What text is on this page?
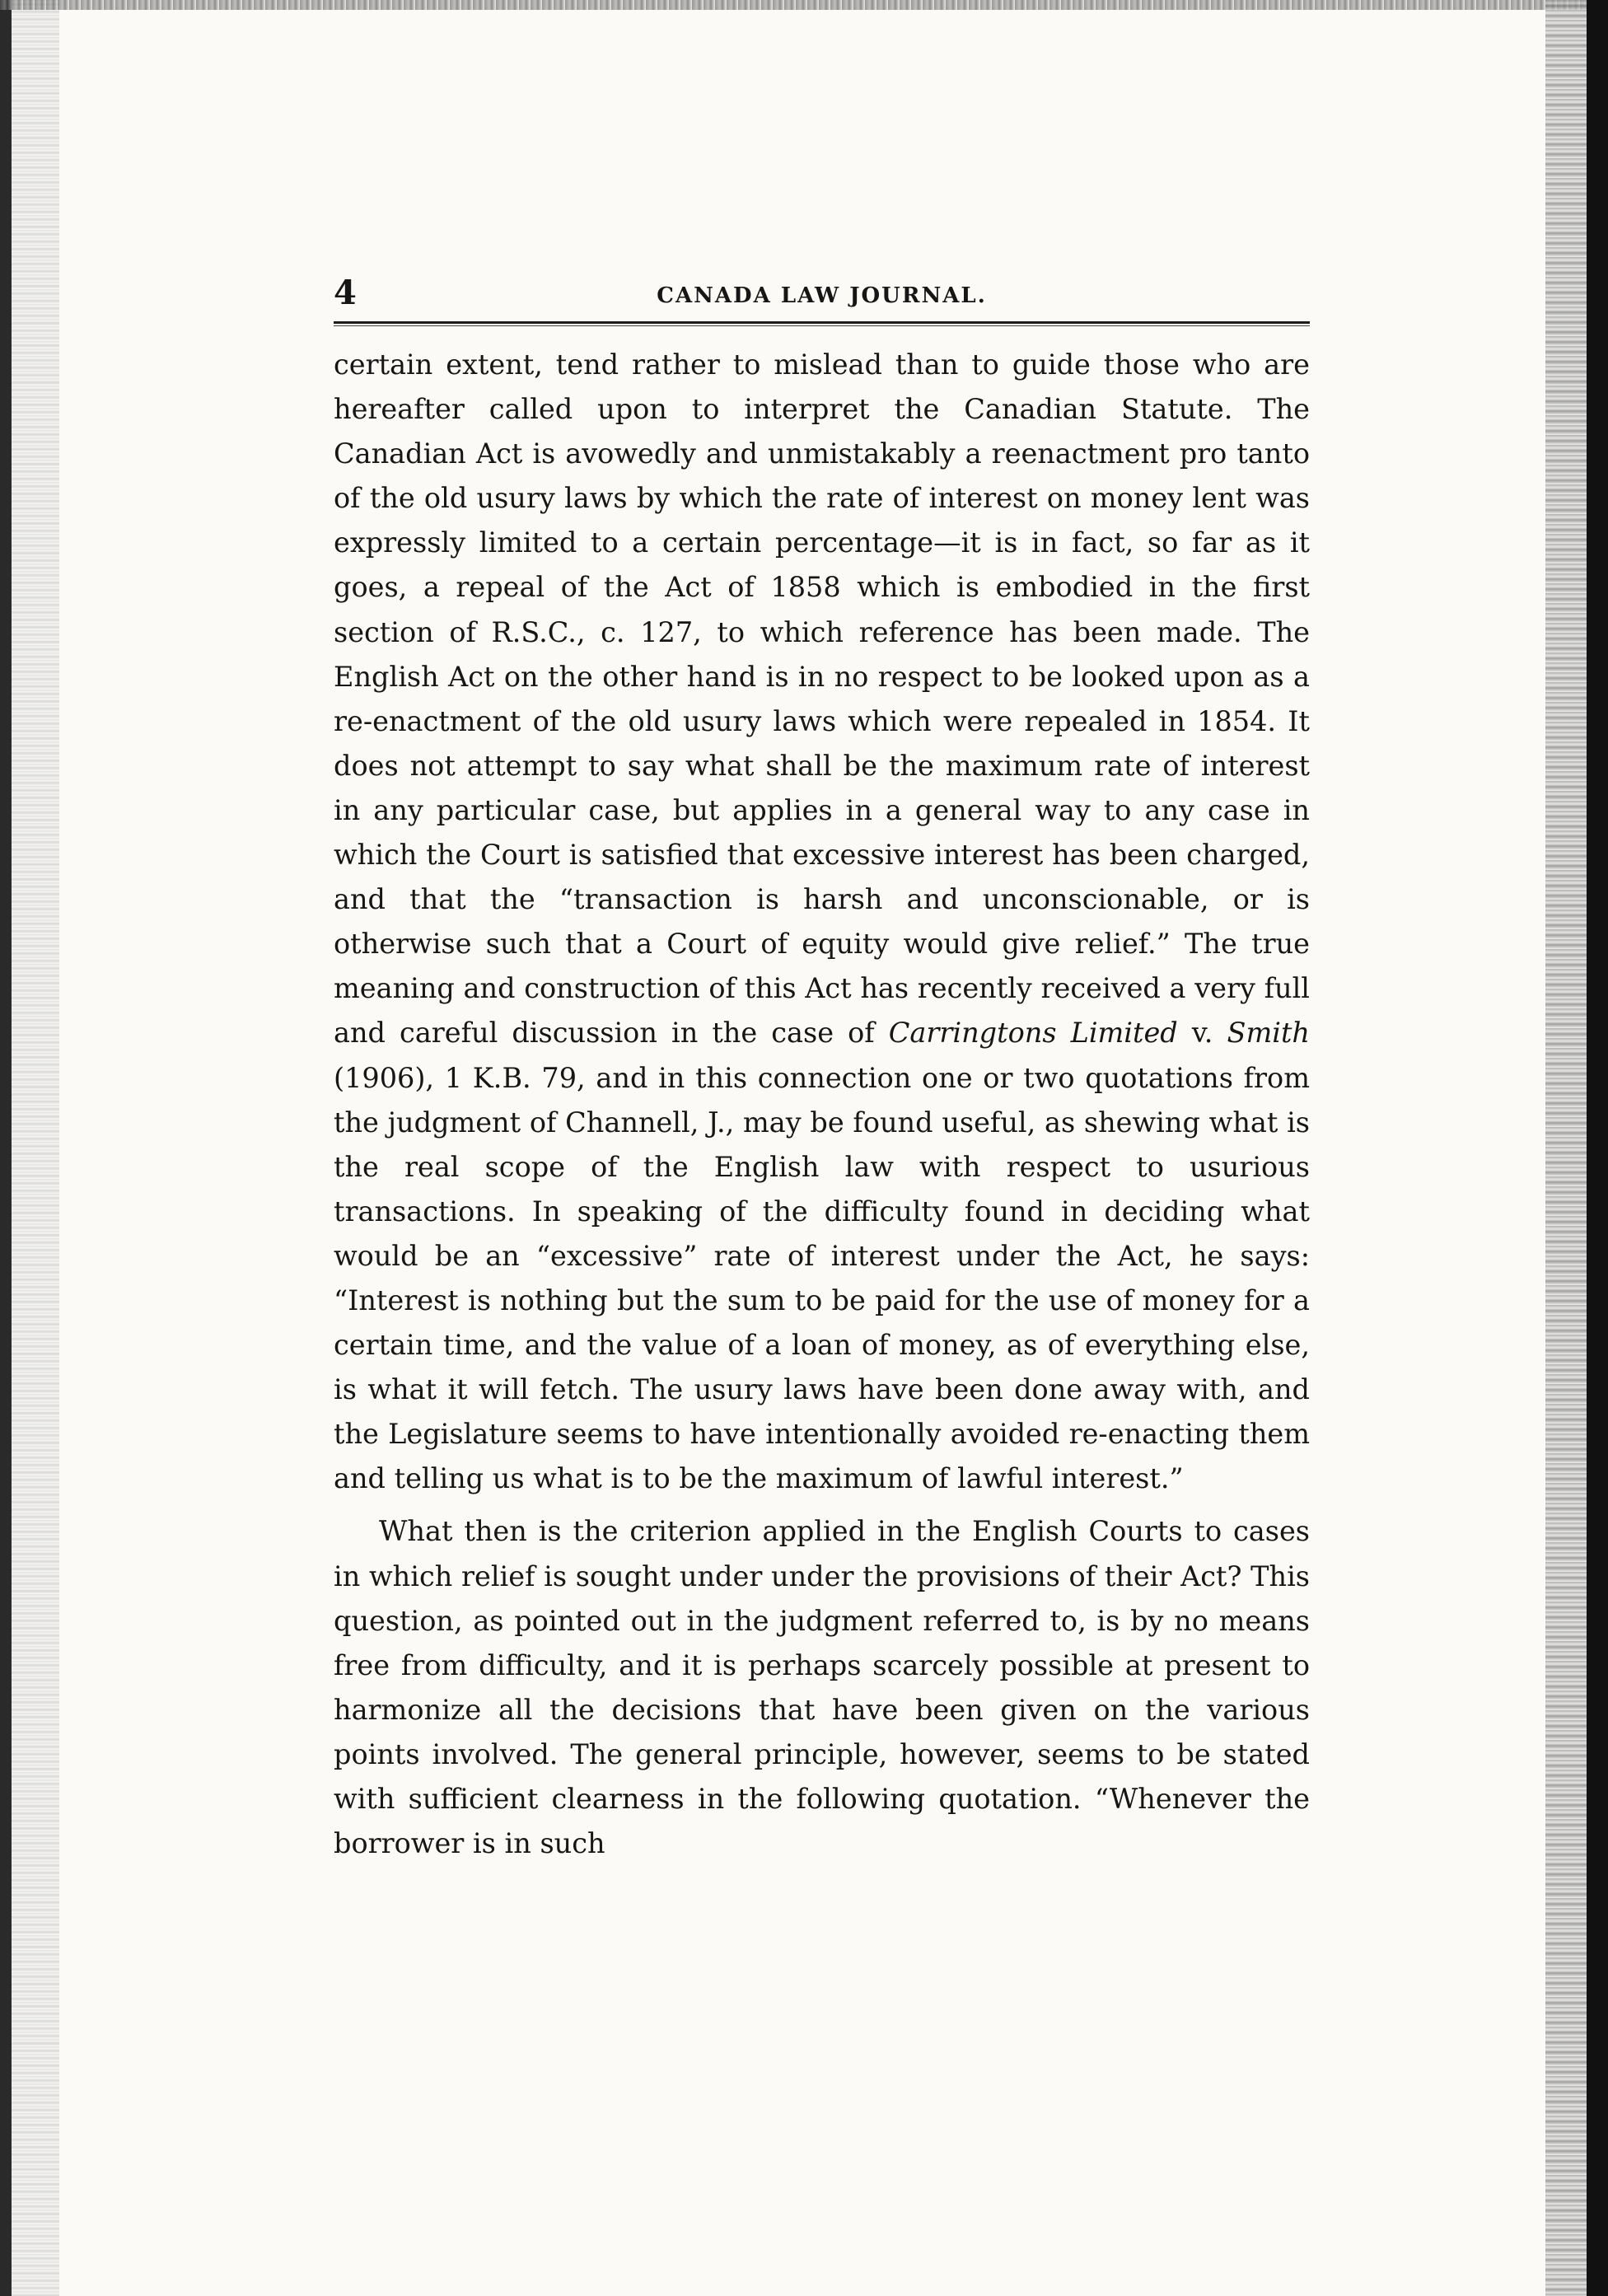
4	CANADA LAW JOURNAL.

certain extent, tend rather to mislead than to guide those who are hereafter called upon to interpret the Canadian Statute. The Canadian Act is avowedly and unmistakably a reenactment pro tanto of the old usury laws by which the rate of interest on money lent was expressly limited to a certain percentage—it is in fact, so far as it goes, a repeal of the Act of 1858 which is embodied in the first section of R.S.C., c. 127, to which reference has been made. The English Act on the other hand is in no respect to be looked upon as a re-enactment of the old usury laws which were repealed in 1854. It does not attempt to say what shall be the maximum rate of interest in any particular case, but applies in a general way to any case in which the Court is satisfied that excessive interest has been charged, and that the “transaction is harsh and unconscionable, or is otherwise such that a Court of equity would give relief.” The true meaning and construction of this Act has recently received a very full and careful discussion in the case of Carringtons Limited v. Smith (1906), 1 K.B. 79, and in this connection one or two quotations from the judgment of Channell, J., may be found useful, as shewing what is the real scope of the English law with respect to usurious transactions. In speaking of the difficulty found in deciding what would be an “excessive” rate of interest under the Act, he says: “Interest is nothing but the sum to be paid for the use of money for a certain time, and the value of a loan of money, as of everything else, is what it will fetch. The usury laws have been done away with, and the Legislature seems to have intentionally avoided re-enacting them and telling us what is to be the maximum of lawful interest.”

What then is the criterion applied in the English Courts to cases in which relief is sought under under the provisions of their Act? This question, as pointed out in the judgment referred to, is by no means free from difficulty, and it is perhaps scarcely possible at present to harmonize all the decisions that have been given on the various points involved. The general principle, however, seems to be stated with sufficient clearness in the following quotation. “Whenever the borrower is in such
